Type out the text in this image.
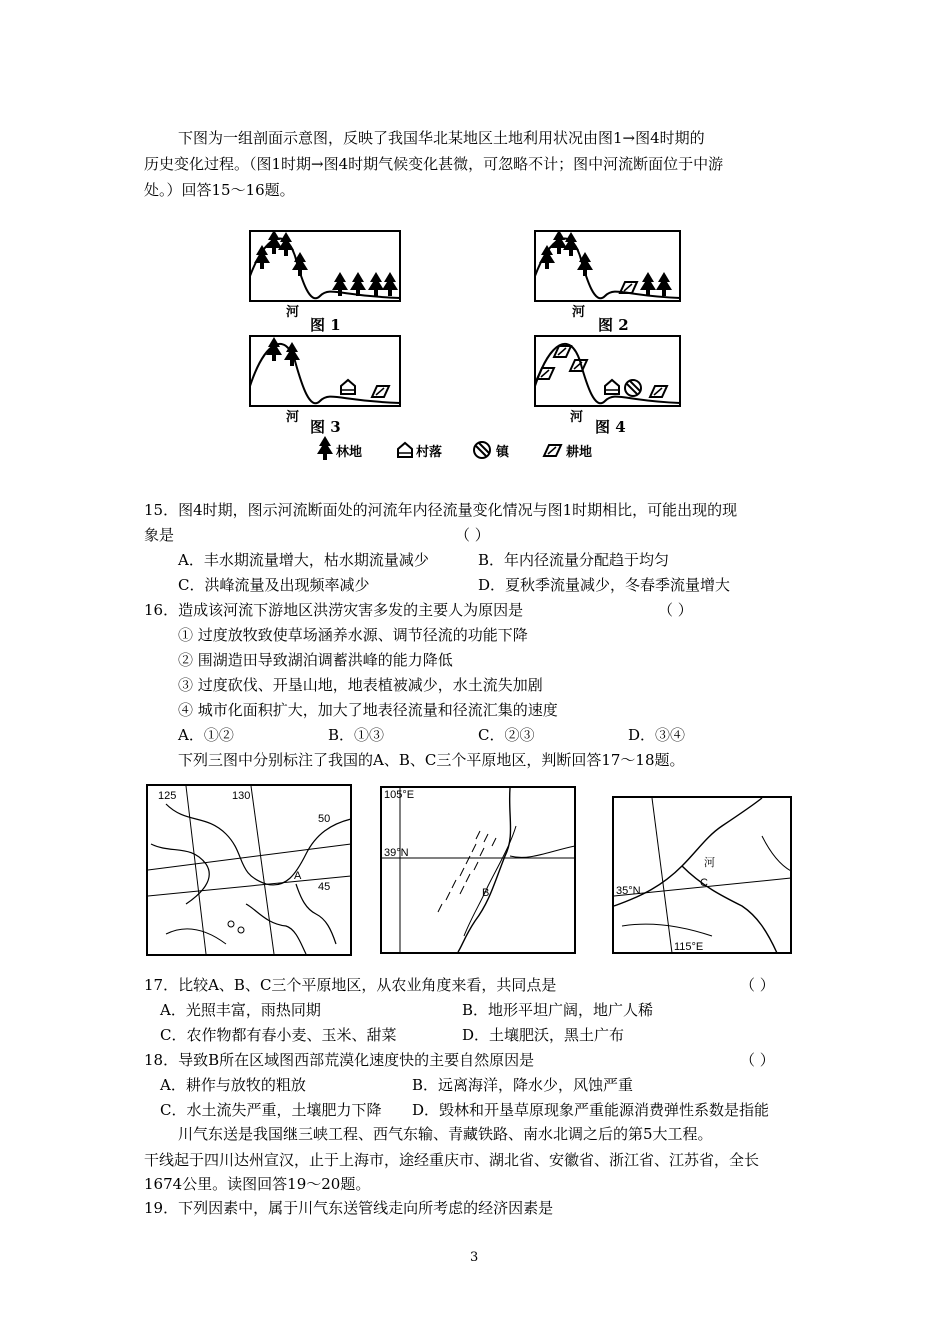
下图为一组剖面示意图，反映了我国华北某地区土地利用状况由图1→图4时期的
历史变化过程。（图1时期→图4时期气候变化甚微，可忽略不计；图中河流断面位于中游
处。）回答15～16题。
河
图 1
河
图 2
河
图 3
河
图 4
林地	村落	镇	耕地
15．图4时期，图示河流断面处的河流年内径流量变化情况与图1时期相比，可能出现的现
象是	（ ）
A．丰水期流量增大，枯水期流量减少	B．年内径流量分配趋于均匀
C．洪峰流量及出现频率减少	D．夏秋季流量减少，冬春季流量增大
16．造成该河流下游地区洪涝灾害多发的主要人为原因是	（ ）
① 过度放牧致使草场涵养水源、调节径流的功能下降
② 围湖造田导致湖泊调蓄洪峰的能力降低
③ 过度砍伐、开垦山地，地表植被减少，水土流失加剧
④ 城市化面积扩大，加大了地表径流量和径流汇集的速度
A．①②	B．①③	C．②③	D．③④
下列三图中分别标注了我国的A、B、C三个平原地区，判断回答17～18题。
125	130
50
45
A
105°E
39°N
B	35°N
115°E
河
C
17．比较A、B、C三个平原地区，从农业角度来看，共同点是	（ ）
A．光照丰富，雨热同期	B．地形平坦广阔，地广人稀
C．农作物都有春小麦、玉米、甜菜	D．土壤肥沃，黑土广布
18．导致B所在区域图西部荒漠化速度快的主要自然原因是	（ ）
A．耕作与放牧的粗放	B．远离海洋，降水少，风蚀严重
C．水土流失严重，土壤肥力下降 D．毁林和开垦草原现象严重能源消费弹性系数是指能
川气东送是我国继三峡工程、西气东输、青藏铁路、南水北调之后的第5大工程。
干线起于四川达州宣汉，止于上海市，途经重庆市、湖北省、安徽省、浙江省、江苏省，全长
1674公里。读图回答19～20题。
19．下列因素中，属于川气东送管线走向所考虑的经济因素是
3
